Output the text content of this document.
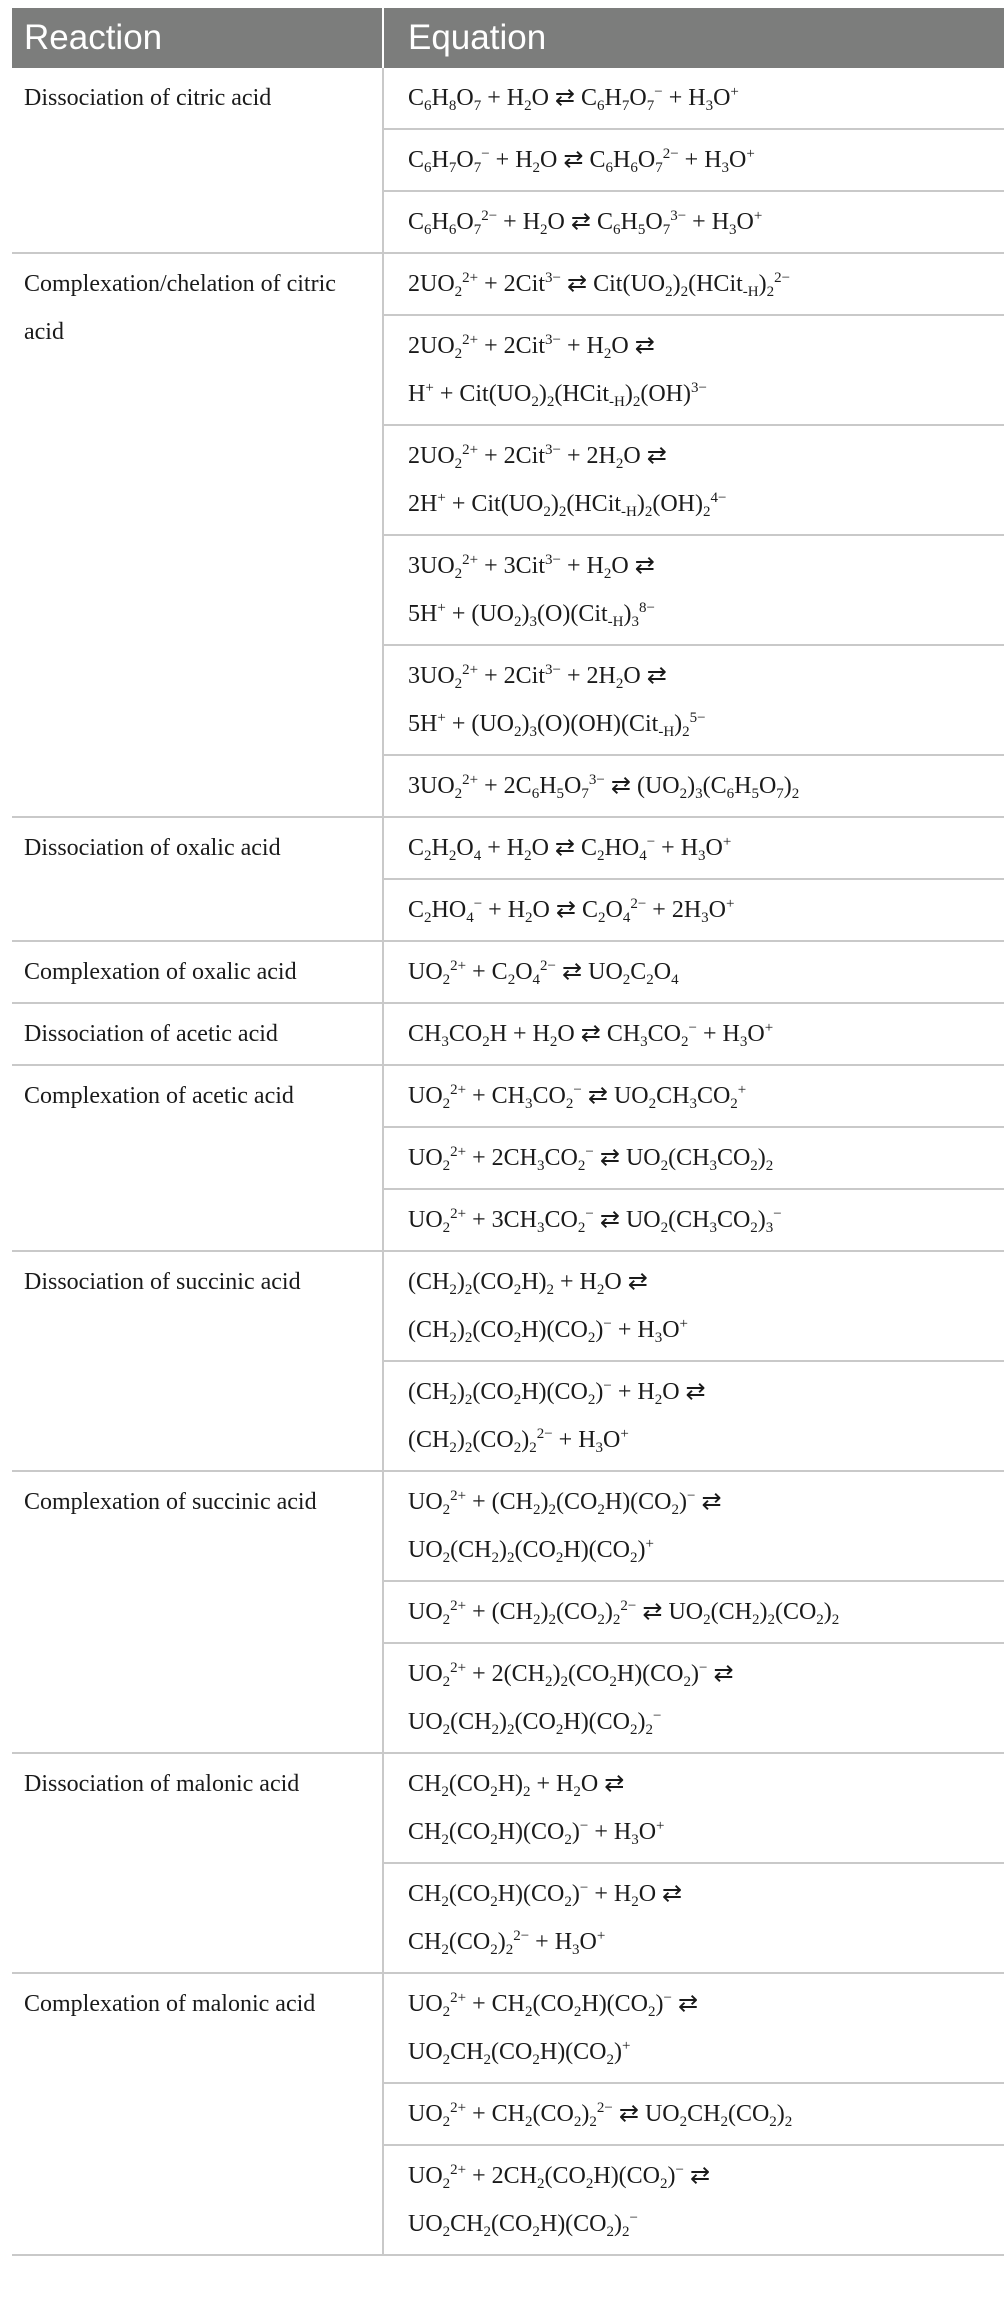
Reaction	Equation
Dissociation of citric acid	$C_6H_8O_7 + H_2O$ ⇄ $C_6H_7O_7^- + H_3O^+$
	$C_6H_7O_7^- + H_2O$ ⇄ $C_6H_6O_7^{2-} + H_3O^+$
	$C_6H_6O_7^{2-} + H_2O$ ⇄ $C_6H_5O_7^{3-} + H_3O^+$
Complexation/chelation of citric acid	$2UO_2^{2+} + 2Cit^{3-}$ ⇄ $Cit(UO_2)_2(HCit_{-H})_2^{2-}$
	$2UO_2^{2+} + 2Cit^{3-} + H_2O$ ⇄
$H^+ + Cit(UO_2)_2(HCit_{-H})_2(OH)^{3-}$
	$2UO_2^{2+} + 2Cit^{3-} + 2H_2O$ ⇄
$2H^+ + Cit(UO_2)_2(HCit_{-H})_2(OH)_2^{4-}$
	$3UO_2^{2+} + 3Cit^{3-} + H_2O$ ⇄
$5H^+ + (UO_2)_3(O)(Cit_{-H})_3^{8-}$
	$3UO_2^{2+} + 2Cit^{3-} + 2H_2O$ ⇄
$5H^+ + (UO_2)_3(O)(OH)(Cit_{-H})_2^{5-}$
	$3UO_2^{2+} + 2C_6H_5O_7^{3-}$ ⇄ $(UO_2)_3(C_6H_5O_7)_2$
Dissociation of oxalic acid	$C_2H_2O_4 + H_2O$ ⇄ $C_2HO_4^- + H_3O^+$
	$C_2HO_4^- + H_2O$ ⇄ $C_2O_4^{2-} + 2H_3O^+$
Complexation of oxalic acid	$UO_2^{2+} + C_2O_4^{2-}$ ⇄ $UO_2C_2O_4$
Dissociation of acetic acid	$CH_3CO_2H + H_2O$ ⇄ $CH_3CO_2^- + H_3O^+$
Complexation of acetic acid	$UO_2^{2+} + CH_3CO_2^-$ ⇄ $UO_2CH_3CO_2^+$
	$UO_2^{2+} + 2CH_3CO_2^-$ ⇄ $UO_2(CH_3CO_2)_2$
	$UO_2^{2+} + 3CH_3CO_2^-$ ⇄ $UO_2(CH_3CO_2)_3^-$
Dissociation of succinic acid	$(CH_2)_2(CO_2H)_2 + H_2O$ ⇄
$(CH_2)_2(CO_2H)(CO_2)^- + H_3O^+$
	$(CH_2)_2(CO_2H)(CO_2)^- + H_2O$ ⇄
$(CH_2)_2(CO_2)_2^{2-} + H_3O^+$
Complexation of succinic acid	$UO_2^{2+} + (CH_2)_2(CO_2H)(CO_2)^-$ ⇄
$UO_2(CH_2)_2(CO_2H)(CO_2)^+$
	$UO_2^{2+} + (CH_2)_2(CO_2)_2^{2-}$ ⇄ $UO_2(CH_2)_2(CO_2)_2$
	$UO_2^{2+} + 2(CH_2)_2(CO_2H)(CO_2)^-$ ⇄
$UO_2(CH_2)_2(CO_2H)(CO_2)_2^-$
Dissociation of malonic acid	$CH_2(CO_2H)_2 + H_2O$ ⇄
$CH_2(CO_2H)(CO_2)^- + H_3O^+$
	$CH_2(CO_2H)(CO_2)^- + H_2O$ ⇄
$CH_2(CO_2)_2^{2-} + H_3O^+$
Complexation of malonic acid	$UO_2^{2+} + CH_2(CO_2H)(CO_2)^-$ ⇄
$UO_2CH_2(CO_2H)(CO_2)^+$
	$UO_2^{2+} + CH_2(CO_2)_2^{2-}$ ⇄ $UO_2CH_2(CO_2)_2$
	$UO_2^{2+} + 2CH_2(CO_2H)(CO_2)^-$ ⇄
$UO_2CH_2(CO_2H)(CO_2)_2^-$
